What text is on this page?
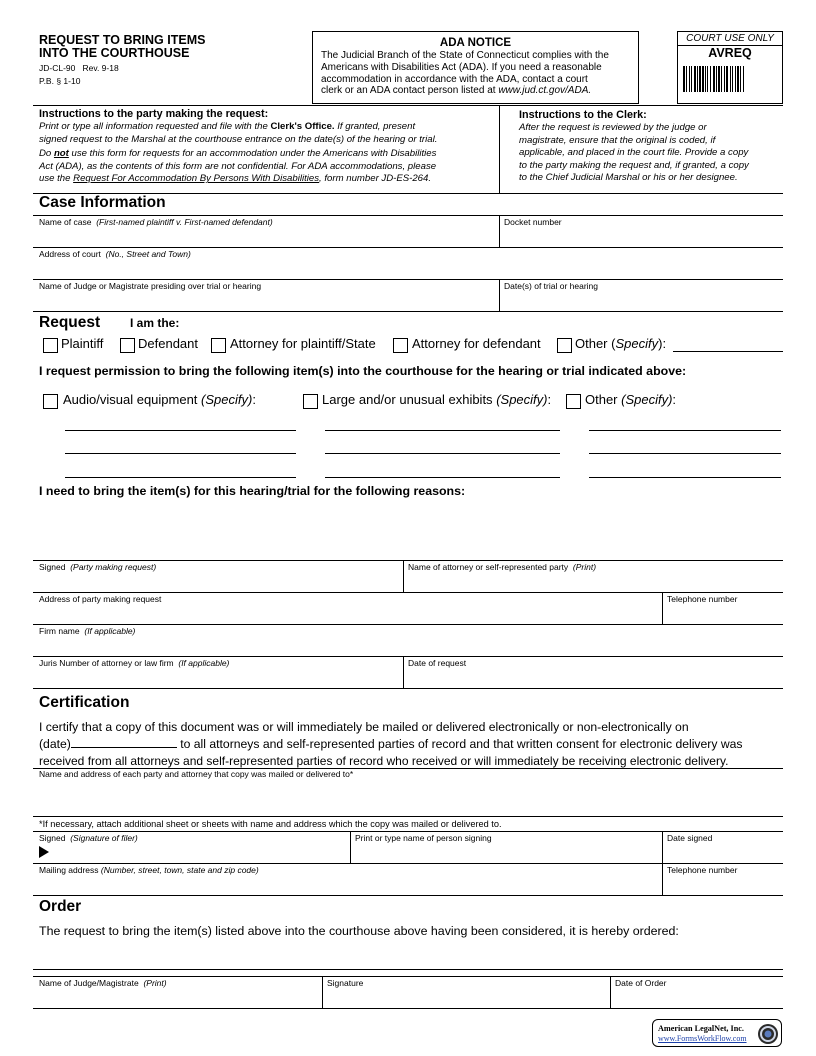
REQUEST TO BRING ITEMS
INTO THE COURTHOUSE
JD-CL-90   Rev. 9-18
P.B. § 1-10
ADA NOTICE
The Judicial Branch of the State of Connecticut complies with the
Americans with Disabilities Act (ADA). If you need a reasonable
accommodation in accordance with the ADA, contact a court
clerk or an ADA contact person listed at www.jud.ct.gov/ADA.
COURT USE ONLY
AVREQ
Instructions to the party making the request:
Print or type all information requested and file with the Clerk's Office. If granted, present
signed request to the Marshal at the courthouse entrance on the date(s) of the hearing or trial.
Do not use this form for requests for an accommodation under the Americans with Disabilities
Act (ADA), as the contents of this form are not confidential. For ADA accommodations, please
use the Request For Accommodation By Persons With Disabilities, form number JD-ES-264.
Instructions to the Clerk:
After the request is reviewed by the judge or
magistrate, ensure that the original is coded, if
applicable, and placed in the court file. Provide a copy
to the party making the request and, if granted, a copy
to the Chief Judicial Marshal or his or her designee.
Case Information
Name of case (First-named plaintiff v. First-named defendant)	Docket number
Address of court (No., Street and Town)
Name of Judge or Magistrate presiding over trial or hearing	Date(s) of trial or hearing
Request I am the:
Plaintiff	Defendant Attorney for plaintiff/State	Attorney for defendant	Other (Specify):
I request permission to bring the following item(s) into the courthouse for the hearing or trial indicated above:
Audio/visual equipment (Specify):	Large and/or unusual exhibits (Specify):	Other (Specify):
I need to bring the item(s) for this hearing/trial for the following reasons:
Signed (Party making request)	Name of attorney or self-represented party (Print)
Address of party making request	Telephone number
Firm name (If applicable)
Juris Number of attorney or law firm (If applicable)	Date of request
Certification
I certify that a copy of this document was or will immediately be mailed or delivered electronically or non-electronically on
(date)	to all attorneys and self-represented parties of record and that written consent for electronic delivery was
received from all attorneys and self-represented parties of record who received or will immediately be receiving electronic delivery.
Name and address of each party and attorney that copy was mailed or delivered to*
*If necessary, attach additional sheet or sheets with name and address which the copy was mailed or delivered to.
Signed (Signature of filer)	Print or type name of person signing	Date signed
Mailing address (Number, street, town, state and zip code)	Telephone number
Order
The request to bring the item(s) listed above into the courthouse above having been considered, it is hereby ordered:
Name of Judge/Magistrate (Print)	Signature	Date of Order
American LegalNet, Inc.
www.FormsWorkFlow.com
